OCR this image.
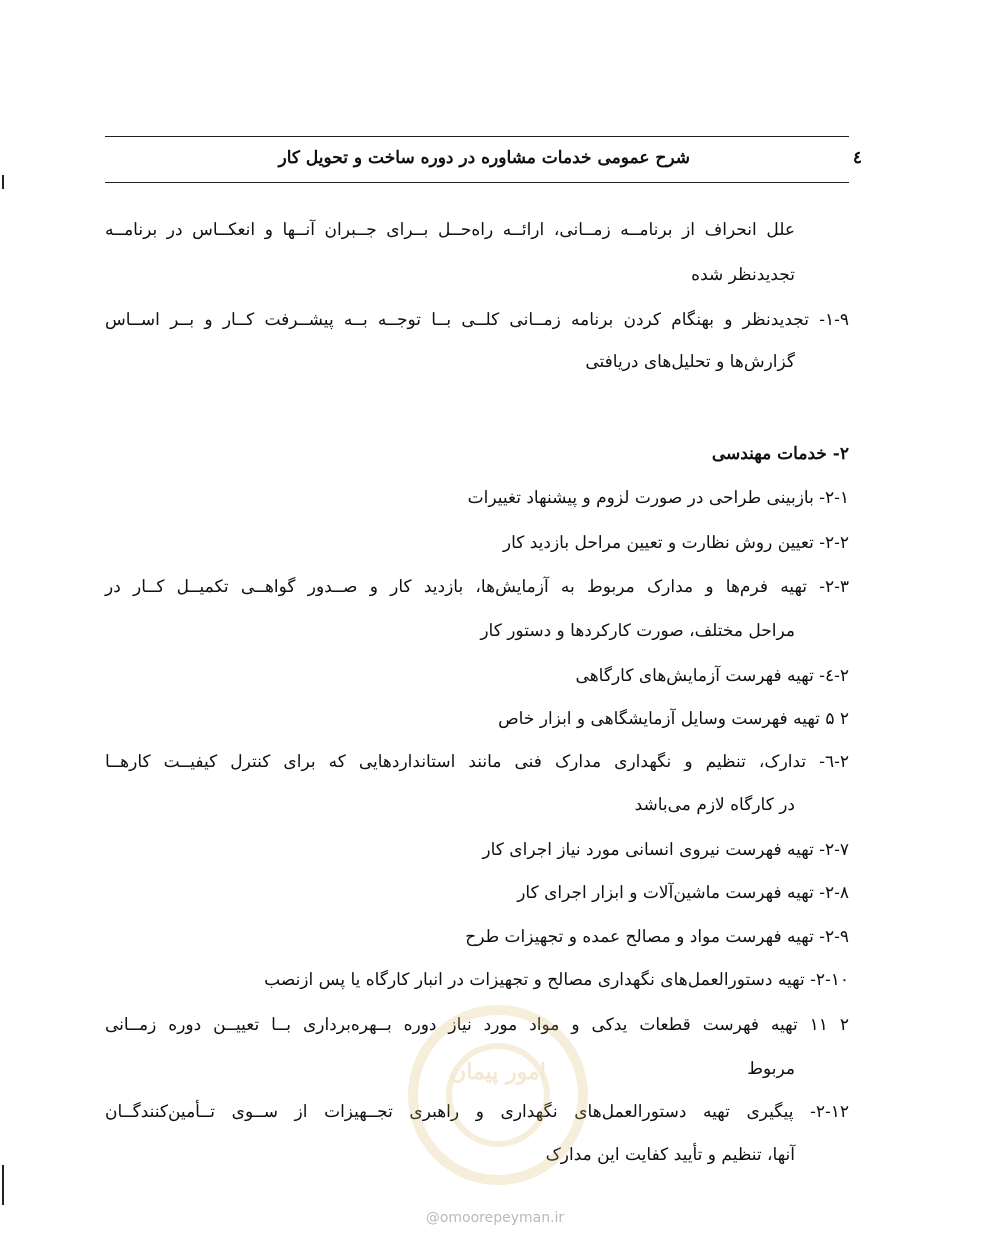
شرح عمومی خدمات مشاوره در دوره ساخت و تحویل کار	٤
علل انحراف از برنامــه زمــانی، ارائــه راه‌حــل بــرای جــبران آنــها و انعکــاس در برنامــه
تجدیدنظر شده
۱-۹- تجدیدنظر و بهنگام کردن برنامه زمــانی کلــی بــا توجــه بــه پیشــرفت کــار و بــر اســاس
گزارش‌ها و تحلیل‌های دریافتی
۲- خدمات مهندسی
۲-۱- بازبینی طراحی در صورت لزوم و پیشنهاد تغییرات
۲-۲- تعیین روش نظارت و تعیین مراحل بازدید کار
۲-۳- تهیه فرم‌ها و مدارک مربوط به آزمایش‌ها، بازدید کار و صــدور گواهــی تکمیــل کــار در
مراحل مختلف، صورت کارکردها و دستور کار
۲-٤- تهیه فهرست آزمایش‌های کارگاهی
۲ ۵ تهیه فهرست وسایل آزمایشگاهی و ابزار خاص
۲-٦- تدارک، تنظیم و نگهداری مدارک فنی مانند استانداردهایی که برای کنترل کیفیــت کارهــا
در کارگاه لازم می‌باشد
۲-۷- تهیه فهرست نیروی انسانی مورد نیاز اجرای کار
۲-۸- تهیه فهرست ماشین‌آلات و ابزار اجرای کار
۲-۹- تهیه فهرست مواد و مصالح عمده و تجهیزات طرح
۲-۱۰- تهیه دستورالعمل‌های نگهداری مصالح و تجهیزات در انبار کارگاه یا پس ازنصب
۲ ۱۱ تهیه فهرست قطعات یدکی و مواد مورد نیاز دوره بــهره‌برداری بــا تعییــن دوره زمــانی
مربوط
۲-۱۲- پیگیری تهیه دستورالعمل‌های نگهداری و راهبری تجــهیزات از ســوی تــأمین‌کنندگــان
آنها، تنظیم و تأیید کفایت این مدارک
امور پیمان
@omoorepeyman.ir
